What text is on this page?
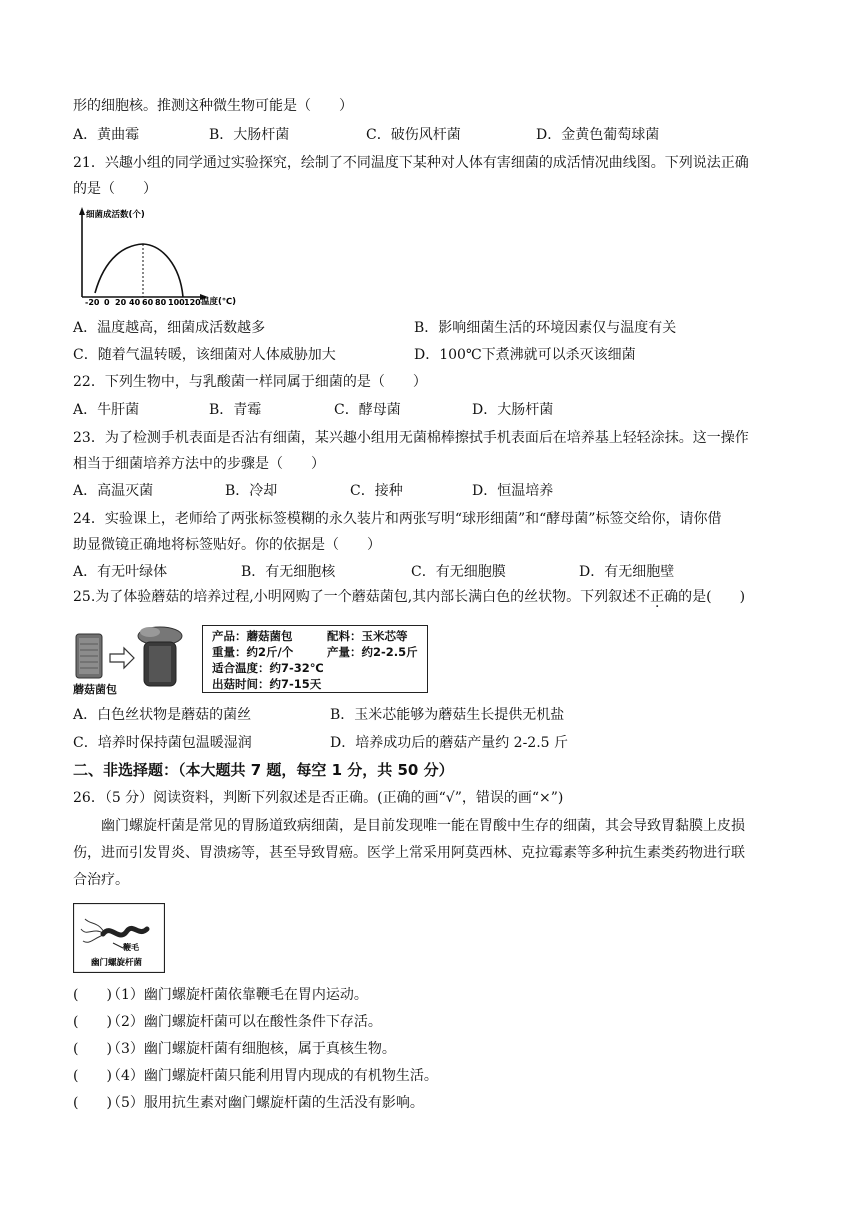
形的细胞核。推测这种微生物可能是（　　）
A．黄曲霉	B．大肠杆菌	C．破伤风杆菌	D．金黄色葡萄球菌
21．兴趣小组的同学通过实验探究，绘制了不同温度下某种对人体有害细菌的成活情况曲线图。下列说法正确
的是（　　）
细菌成活数(个)
温度(℃)
-20 0 20 40 60 80 100 120
A．温度越高，细菌成活数越多	B．影响细菌生活的环境因素仅与温度有关
C．随着气温转暖，该细菌对人体威胁加大	D．100℃下煮沸就可以杀灭该细菌
22．下列生物中，与乳酸菌一样同属于细菌的是（　　）
A．牛肝菌	B．青霉	C．酵母菌	D．大肠杆菌
23．为了检测手机表面是否沾有细菌，某兴趣小组用无菌棉棒擦拭手机表面后在培养基上轻轻涂抹。这一操作
相当于细菌培养方法中的步骤是（　　）
A．高温灭菌	B．冷却	C．接种	D．恒温培养
24．实验课上，老师给了两张标签模糊的永久装片和两张写明“球形细菌”和“酵母菌”标签交给你，请你借
助显微镜正确地将标签贴好。你的依据是（　　）
A．有无叶绿体	B．有无细胞核	C．有无细胞膜	D．有无细胞壁
25.为了体验蘑菇的培养过程,小明网购了一个蘑菇菌包,其内部长满白色的丝状物。下列叙述不正确的是(　　)
蘑菇菌包
产品：蘑菇菌包	配料：玉米芯等
重量：约2斤/个	产量：约2-2.5斤
适合温度：约7-32℃
出菇时间：约7-15天
A．白色丝状物是蘑菇的菌丝	B．玉米芯能够为蘑菇生长提供无机盐
C．培养时保持菌包温暖湿润	D．培养成功后的蘑菇产量约 2-2.5 斤
二、非选择题：（本大题共 7 题，每空 1 分，共 50 分）
26．（5 分）阅读资料，判断下列叙述是否正确。(正确的画“√”，错误的画“×”)
幽门螺旋杆菌是常见的胃肠道致病细菌，是目前发现唯一能在胃酸中生存的细菌，其会导致胃黏膜上皮损
伤，进而引发胃炎、胃溃疡等，甚至导致胃癌。医学上常采用阿莫西林、克拉霉素等多种抗生素类药物进行联
合治疗。
鞭毛
幽门螺旋杆菌
(　　)（1）幽门螺旋杆菌依靠鞭毛在胃内运动。
(　　)（2）幽门螺旋杆菌可以在酸性条件下存活。
(　　)（3）幽门螺旋杆菌有细胞核，属于真核生物。
(　　)（4）幽门螺旋杆菌只能利用胃内现成的有机物生活。
(　　)（5）服用抗生素对幽门螺旋杆菌的生活没有影响。
